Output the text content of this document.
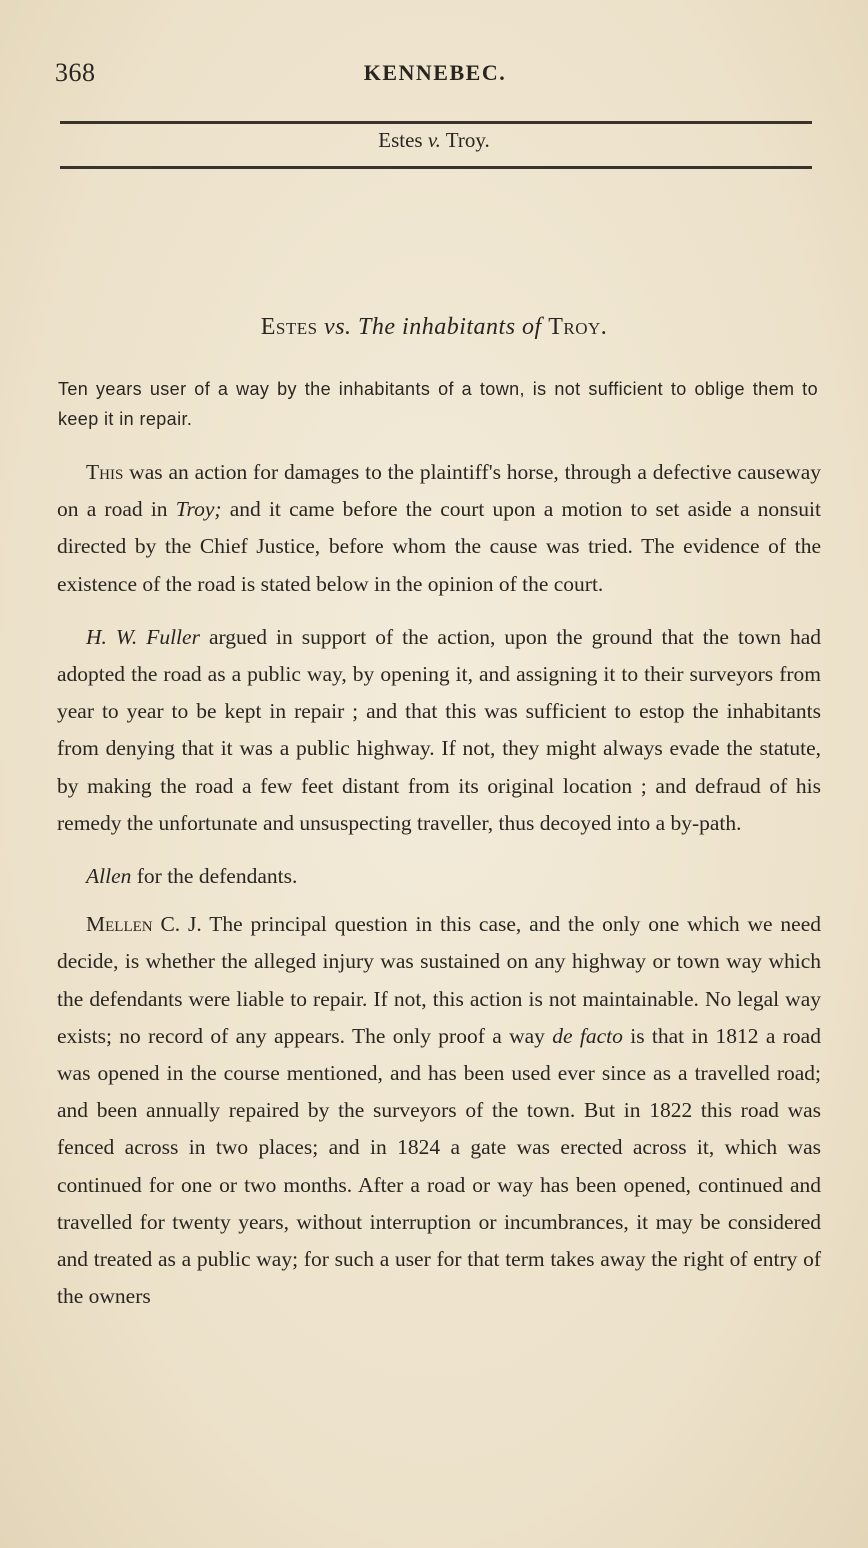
368	KENNEBEC.
Estes v. Troy.
Estes vs. The inhabitants of Troy.
Ten years user of a way by the inhabitants of a town, is not sufficient to oblige them to keep it in repair.

This was an action for damages to the plaintiff's horse, through a defective causeway on a road in Troy; and it came before the court upon a motion to set aside a nonsuit directed by the Chief Justice, before whom the cause was tried. The evidence of the existence of the road is stated below in the opinion of the court.

H. W. Fuller argued in support of the action, upon the ground that the town had adopted the road as a public way, by opening it, and assigning it to their surveyors from year to year to be kept in repair ; and that this was sufficient to estop the inhabitants from denying that it was a public highway. If not, they might always evade the statute, by making the road a few feet distant from its original location ; and defraud of his remedy the unfortunate and unsuspecting traveller, thus decoyed into a by-path.

Allen for the defendants.

Mellen C. J. The principal question in this case, and the only one which we need decide, is whether the alleged injury was sustained on any highway or town way which the defendants were liable to repair. If not, this action is not maintainable. No legal way exists; no record of any appears. The only proof a way de facto is that in 1812 a road was opened in the course mentioned, and has been used ever since as a travelled road; and been annually repaired by the surveyors of the town. But in 1822 this road was fenced across in two places; and in 1824 a gate was erected across it, which was continued for one or two months. After a road or way has been opened, continued and travelled for twenty years, without interruption or incumbrances, it may be considered and treated as a public way; for such a user for that term takes away the right of entry of the owners
